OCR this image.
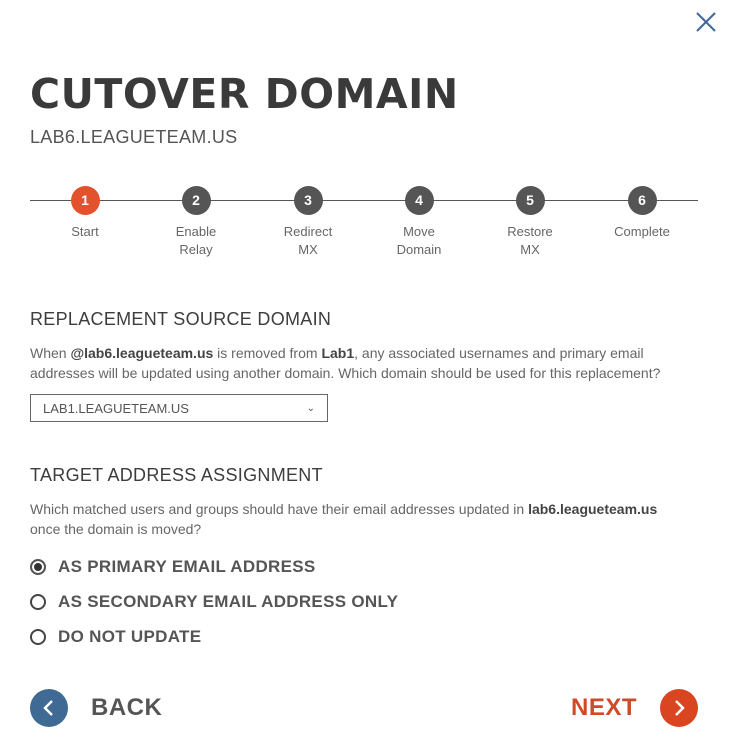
CUTOVER DOMAIN
LAB6.LEAGUETEAM.US
1
Start
2
Enable
Relay
3
Redirect
MX
4
Move
Domain
5
Restore
MX
6
Complete
REPLACEMENT SOURCE DOMAIN

When @lab6.leagueteam.us is removed from Lab1, any associated usernames and primary email addresses will be updated using another domain. Which domain should be used for this replacement?

LAB1.LEAGUETEAM.US	⌄
TARGET ADDRESS ASSIGNMENT

Which matched users and groups should have their email addresses updated in lab6.leagueteam.us
once the domain is moved?

AS PRIMARY EMAIL ADDRESS
AS SECONDARY EMAIL ADDRESS ONLY
DO NOT UPDATE
BACK	NEXT
